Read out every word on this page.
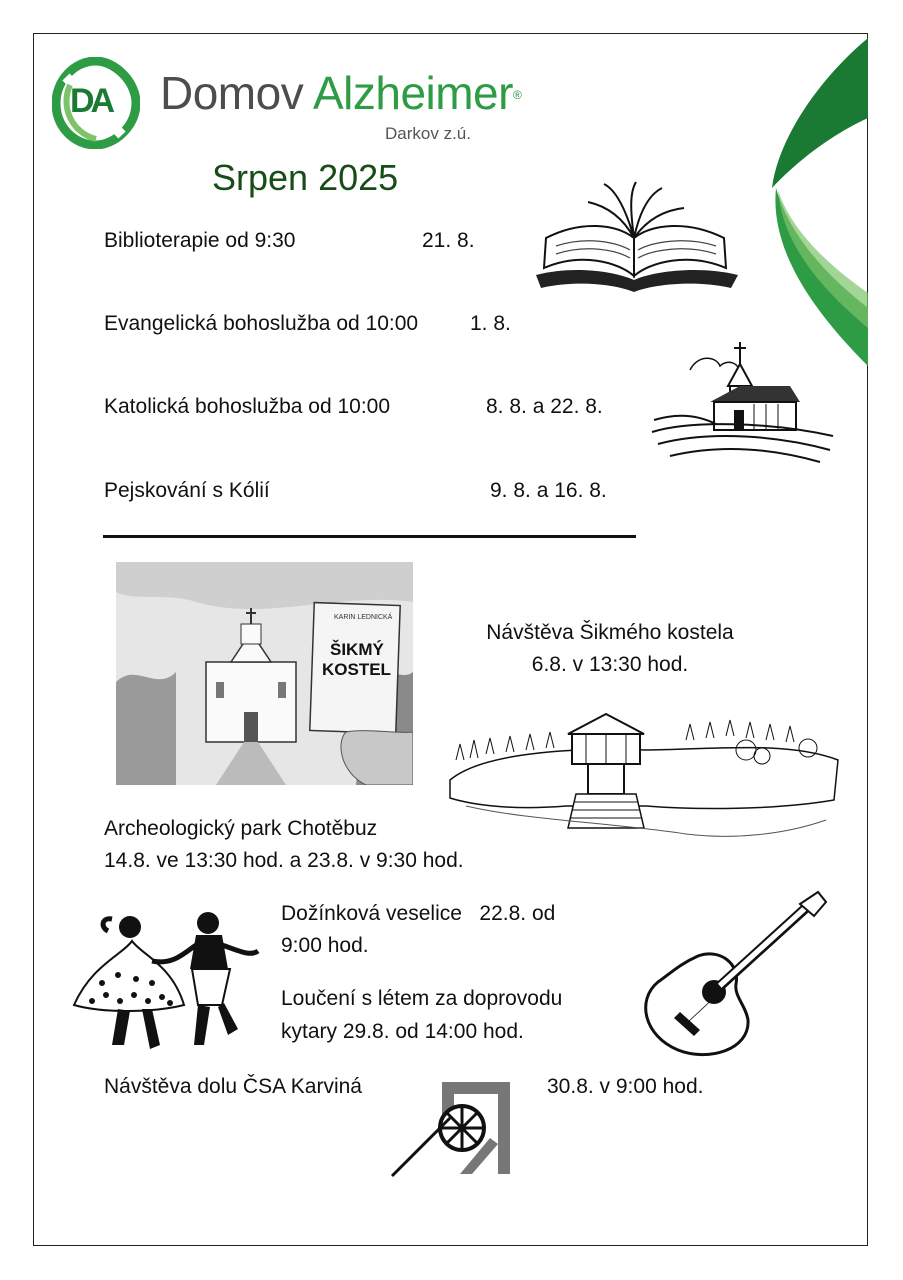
DA Domov Alzheimer®
Darkov z.ú.
Srpen 2025
Biblioterapie od 9:30	21. 8.
Evangelická bohoslužba od 10:00 1. 8.
Katolická bohoslužba od 10:00	8. 8. a 22. 8.
Pejskování s Kólií	9. 8. a 16. 8.
KARIN LEDNICKÁ
ŠIKMÝ
KOSTEL
Návštěva Šikmého kostela
6.8. v 13:30 hod.
Archeologický park Chotěbuz
14.8. ve 13:30 hod. a 23.8. v 9:30 hod.
Dožínková veselice   22.8. od
9:00 hod.
Loučení s létem za doprovodu
kytary 29.8. od 14:00 hod.
Návštěva dolu ČSA Karviná	30.8. v 9:00 hod.
